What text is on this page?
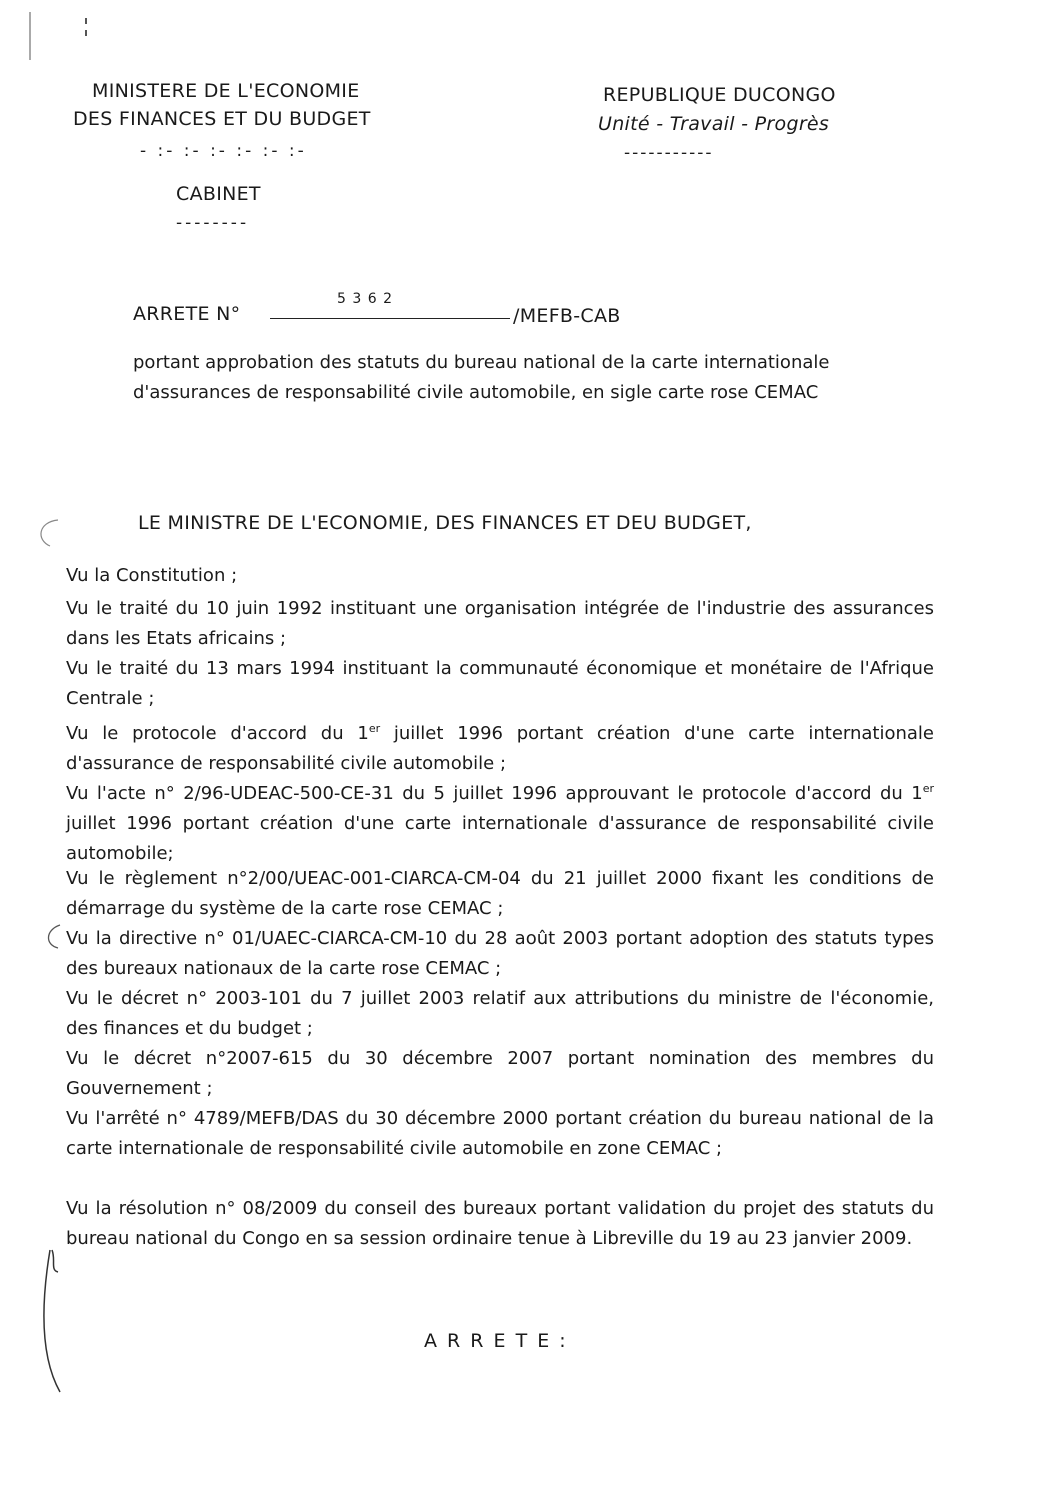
MINISTERE DE L'ECONOMIE
DES FINANCES ET DU BUDGET
- :- :- :- :- :- :-
CABINET
--------
REPUBLIQUE DUCONGO
Unité - Travail - Progrès
-----------
ARRETE N°
5 3 6 2
/MEFB-CAB
portant approbation des statuts du bureau national de la carte internationale
d'assurances de responsabilité civile automobile, en sigle carte rose CEMAC
LE MINISTRE DE L'ECONOMIE, DES FINANCES ET DEU BUDGET,
Vu la Constitution ;
Vu le traité du 10 juin 1992 instituant une organisation intégrée de l'industrie des assurances dans les Etats africains ;
Vu le traité du 13 mars 1994 instituant la communauté économique et monétaire de l'Afrique Centrale ;
Vu le protocole d'accord du 1er juillet 1996 portant création d'une carte internationale d'assurance de responsabilité civile automobile ;
Vu l'acte n° 2/96-UDEAC-500-CE-31 du 5 juillet 1996 approuvant le protocole d'accord du 1er juillet 1996 portant création d'une carte internationale d'assurance de responsabilité civile automobile;
Vu le règlement n°2/00/UEAC-001-CIARCA-CM-04 du 21 juillet 2000 fixant les conditions de démarrage du système de la carte rose CEMAC ;
Vu la directive n° 01/UAEC-CIARCA-CM-10 du 28 août 2003 portant adoption des statuts types des bureaux nationaux de la carte rose CEMAC ;
Vu le décret n° 2003-101 du 7 juillet 2003 relatif aux attributions du ministre de l'économie, des finances et du budget ;
Vu le décret n°2007-615 du 30 décembre 2007 portant nomination des membres du Gouvernement ;
Vu l'arrêté n° 4789/MEFB/DAS du 30 décembre 2000 portant création du bureau national de la carte internationale de responsabilité civile automobile en zone CEMAC ;
Vu la résolution n° 08/2009 du conseil des bureaux portant validation du projet des statuts du bureau national du Congo en sa session ordinaire tenue à Libreville du 19 au 23 janvier 2009.
A R R E T E :
